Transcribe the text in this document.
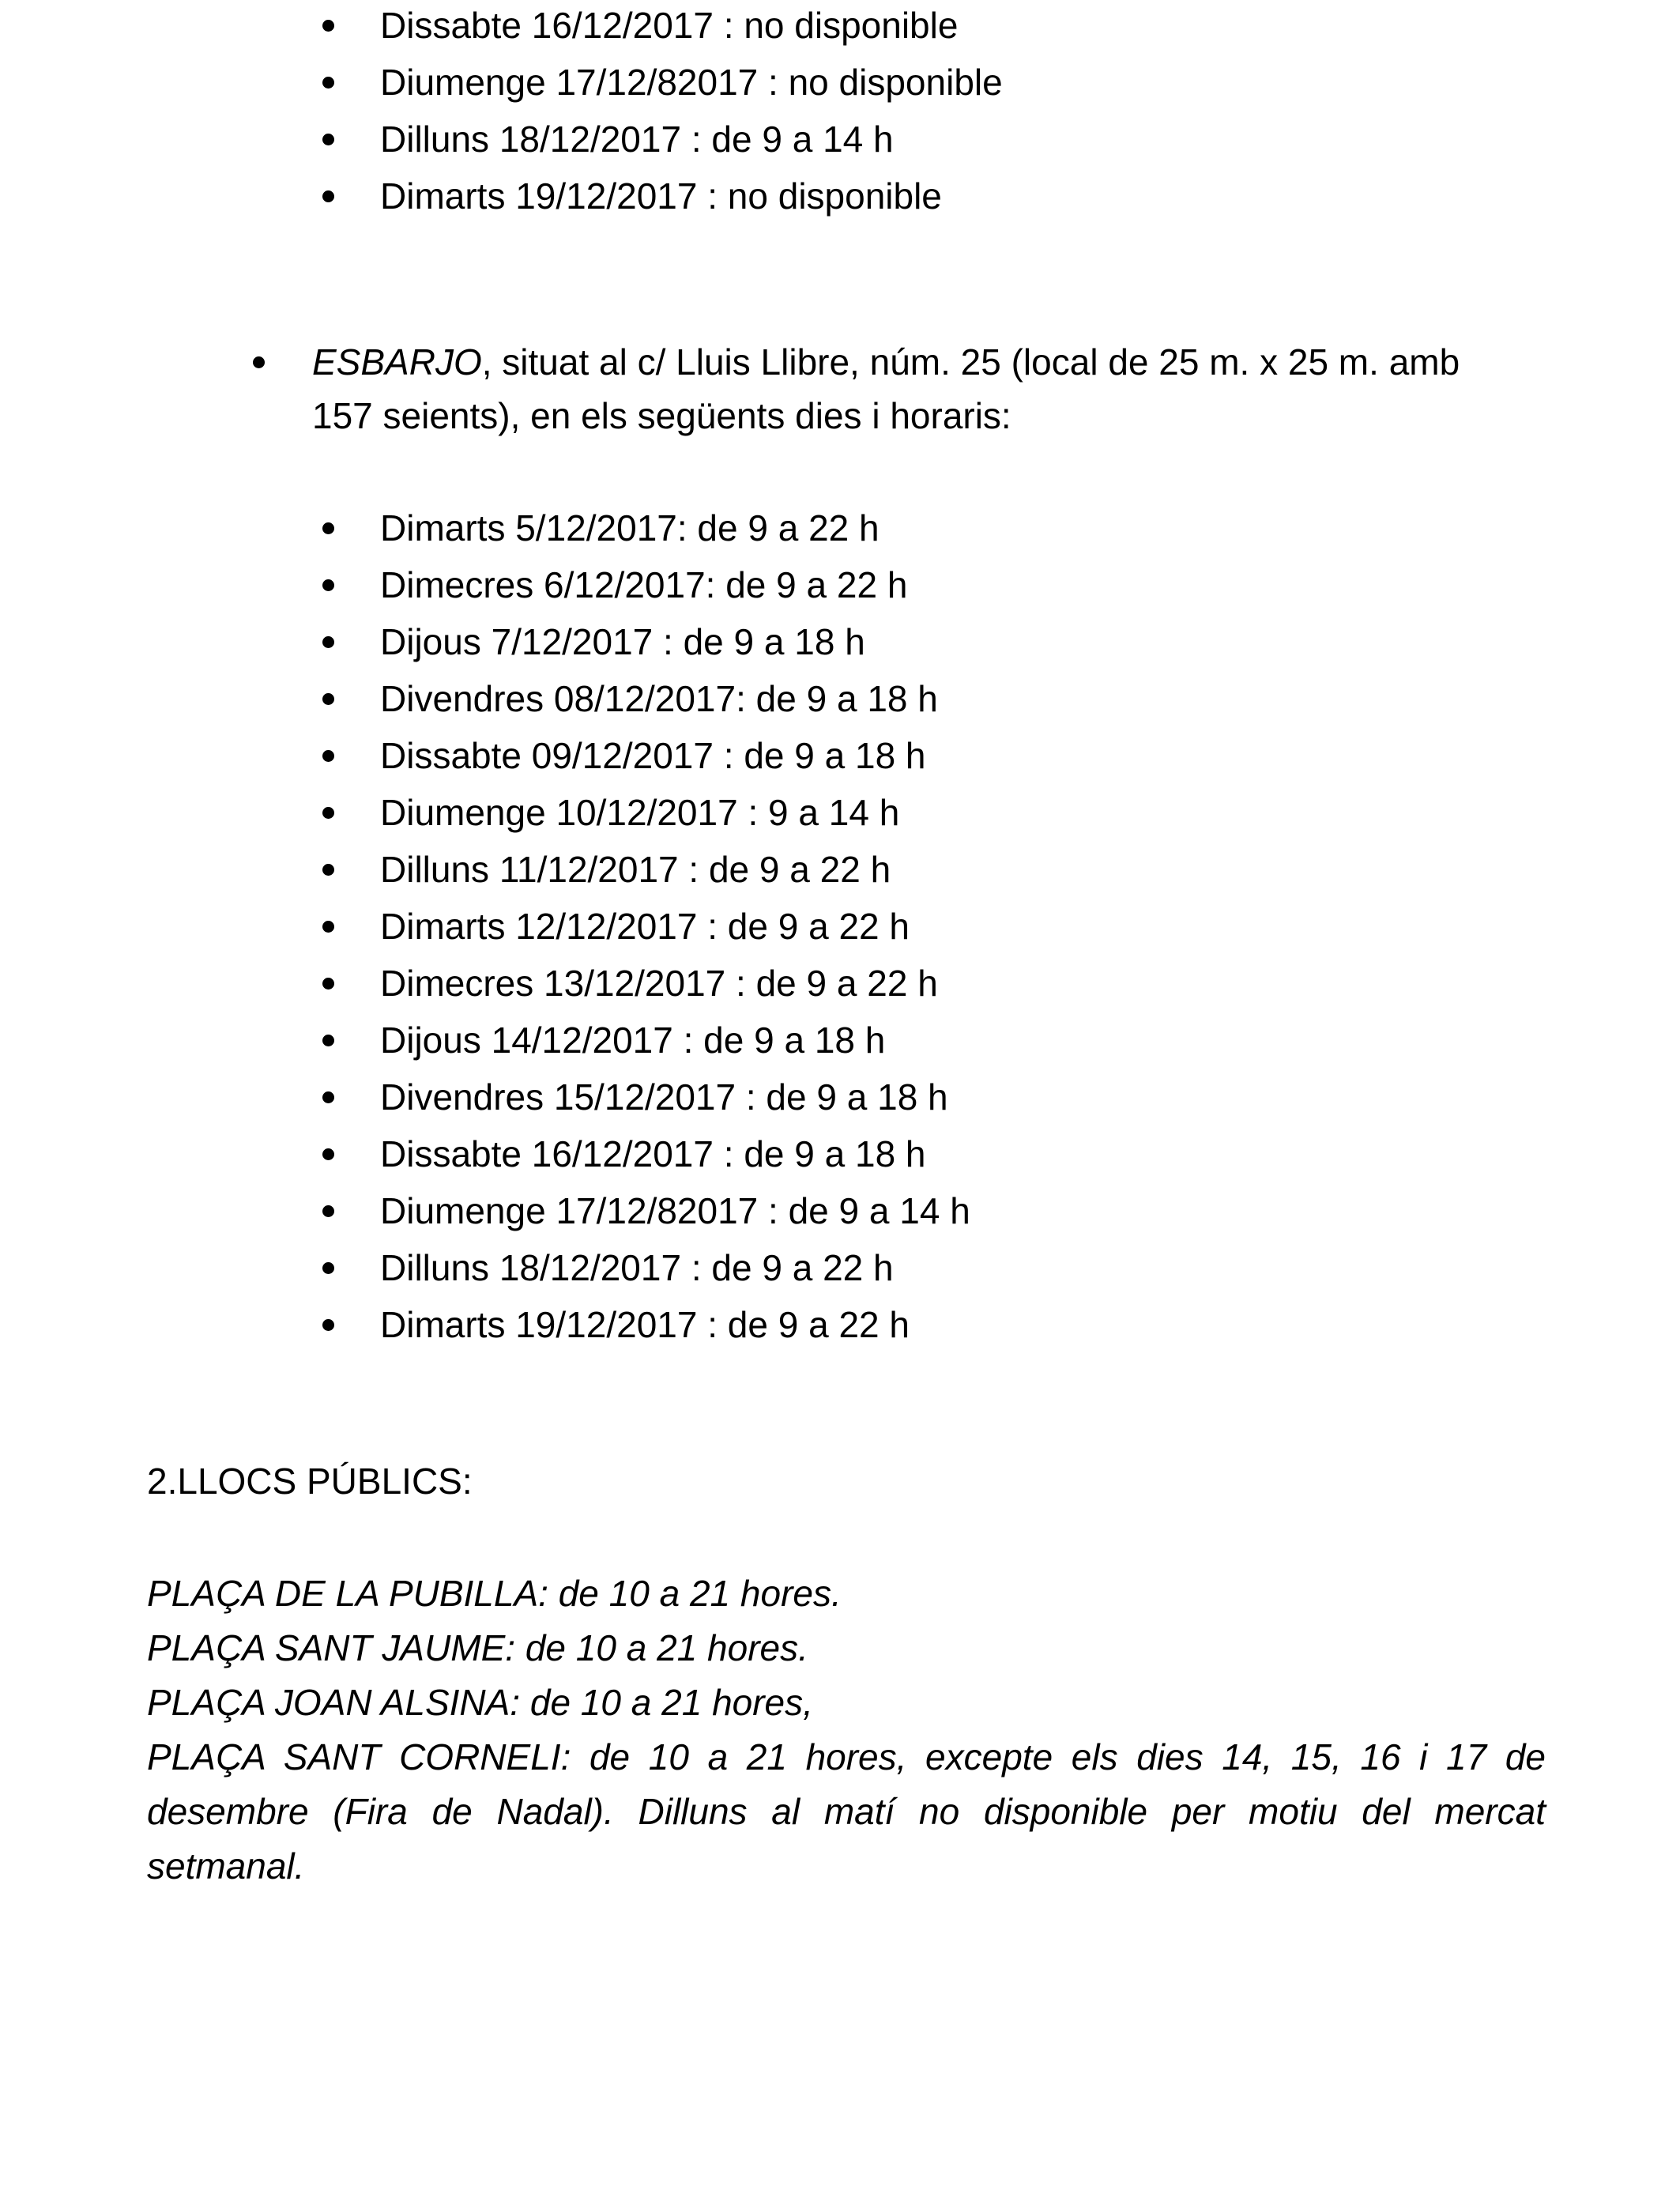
Dissabte 16/12/2017 : no disponible
Diumenge 17/12/82017 : no disponible
Dilluns 18/12/2017 : de 9 a 14 h
Dimarts 19/12/2017 : no disponible
ESBARJO, situat al c/ Lluis Llibre, núm. 25 (local de 25 m. x 25 m. amb
157 seients), en els següents dies i horaris:
Dimarts 5/12/2017: de 9 a 22 h
Dimecres 6/12/2017: de 9 a 22 h
Dijous 7/12/2017 : de 9 a 18 h
Divendres 08/12/2017: de 9 a 18 h
Dissabte 09/12/2017 : de 9 a 18 h
Diumenge 10/12/2017 : 9 a 14 h
Dilluns 11/12/2017 : de 9 a 22 h
Dimarts 12/12/2017 : de 9 a 22 h
Dimecres 13/12/2017 : de 9 a 22 h
Dijous 14/12/2017 : de 9 a 18 h
Divendres 15/12/2017 : de 9 a 18 h
Dissabte 16/12/2017 : de 9 a 18 h
Diumenge 17/12/82017 : de 9 a 14 h
Dilluns 18/12/2017 : de 9 a 22 h
Dimarts 19/12/2017 : de 9 a 22 h
2.LLOCS PÚBLICS:
PLAÇA DE LA PUBILLA: de 10 a 21 hores.
PLAÇA SANT JAUME: de 10 a 21 hores.
PLAÇA JOAN ALSINA: de 10 a 21 hores,
PLAÇA SANT CORNELI: de 10 a 21 hores, excepte els dies 14, 15, 16 i 17 de
desembre (Fira de Nadal). Dilluns al matí no disponible per motiu del mercat
setmanal.
